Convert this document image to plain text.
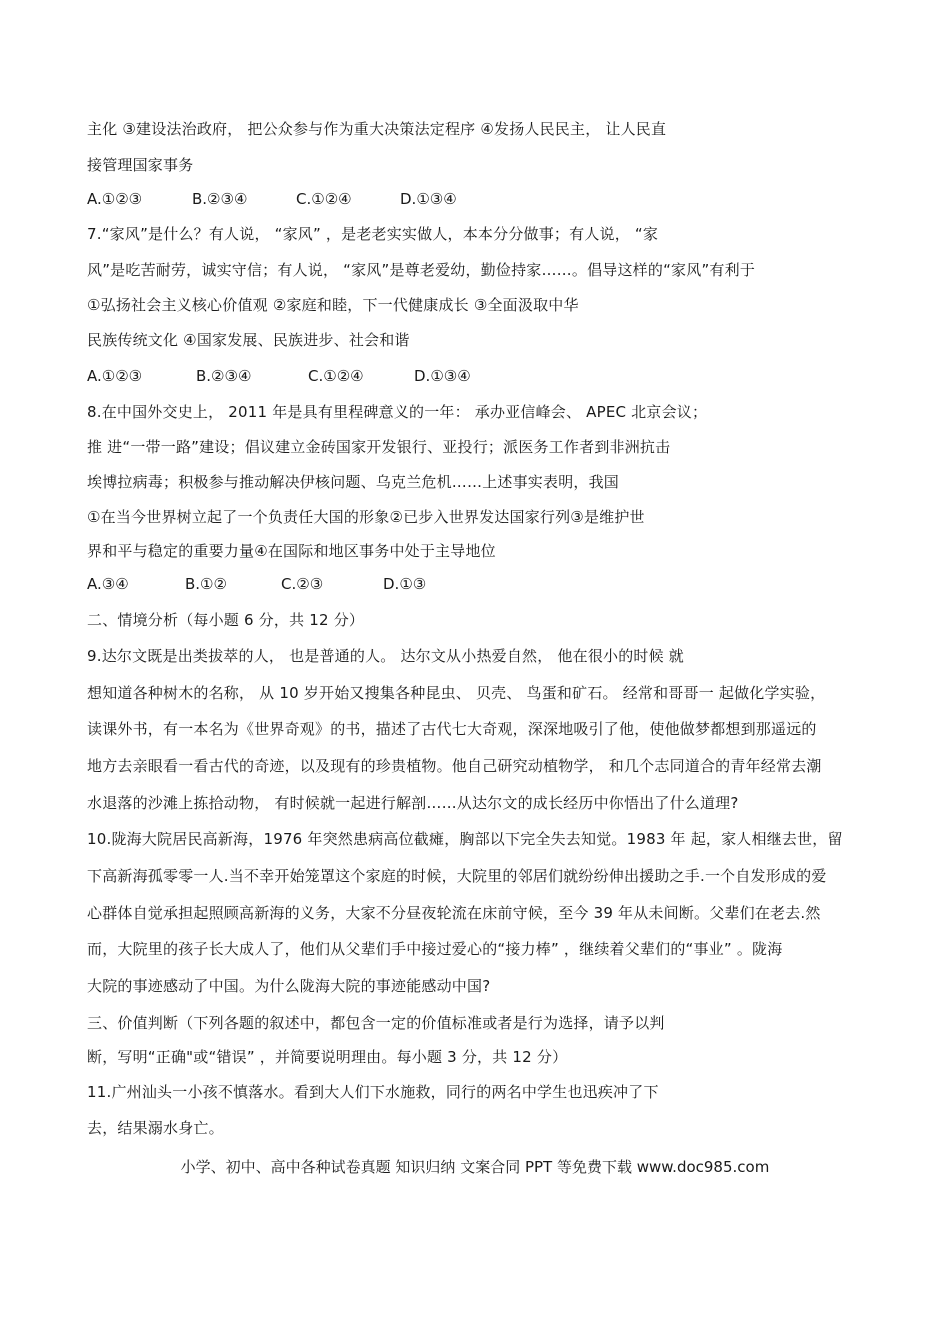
主化 ③建设法治政府， 把公众参与作为重大决策法定程序 ④发扬人民民主， 让人民直
接管理国家事务
A.①②③	B.②③④	C.①②④	D.①③④
7.“家风”是什么？有人说， “家风” ，是老老实实做人，本本分分做事；有人说， “家
风”是吃苦耐劳，诚实守信；有人说， “家风”是尊老爱幼，勤俭持家……。倡导这样的“家风”有利于
①弘扬社会主义核心价值观 ②家庭和睦，下一代健康成长 ③全面汲取中华
民族传统文化 ④国家发展、民族进步、社会和谐
A.①②③	B.②③④	C.①②④	D.①③④
8.在中国外交史上， 2011 年是具有里程碑意义的一年： 承办亚信峰会、 APEC 北京会议；
推 进“一带一路”建设；倡议建立金砖国家开发银行、亚投行；派医务工作者到非洲抗击
埃博拉病毒；积极参与推动解决伊核问题、乌克兰危机……上述事实表明，我国
①在当今世界树立起了一个负责任大国的形象②已步入世界发达国家行列③是维护世
界和平与稳定的重要力量④在国际和地区事务中处于主导地位
A.③④	B.①②	C.②③	D.①③
二、情境分析（每小题 6 分，共 12 分）
9.达尔文既是出类拔萃的人， 也是普通的人。 达尔文从小热爱自然， 他在很小的时候 就
想知道各种树木的名称， 从 10 岁开始又搜集各种昆虫、 贝壳、 鸟蛋和矿石。 经常和哥哥一 起做化学实验，
读课外书，有一本名为《世界奇观》的书，描述了古代七大奇观，深深地吸引了他，使他做梦都想到那遥远的
地方去亲眼看一看古代的奇迹，以及现有的珍贵植物。他自己研究动植物学， 和几个志同道合的青年经常去潮
水退落的沙滩上拣拾动物， 有时候就一起进行解剖……从达尔文的成长经历中你悟出了什么道理?
10.陇海大院居民高新海，1976 年突然患病高位截瘫，胸部以下完全失去知觉。1983 年 起，家人相继去世，留
下高新海孤零零一人.当不幸开始笼罩这个家庭的时候，大院里的邻居们就纷纷伸出援助之手.一个自发形成的爱
心群体自觉承担起照顾高新海的义务，大家不分昼夜轮流在床前守候，至今 39 年从未间断。父辈们在老去.然
而，大院里的孩子长大成人了，他们从父辈们手中接过爱心的“接力棒” ，继续着父辈们的“事业” 。陇海
大院的事迹感动了中国。为什么陇海大院的事迹能感动中国?
三、价值判断（下列各题的叙述中，都包含一定的价值标准或者是行为选择，请予以判
断，写明“正确"或“错误” ，并简要说明理由。每小题 3 分，共 12 分）
11.广州汕头一小孩不慎落水。看到大人们下水施救，同行的两名中学生也迅疾冲了下
去，结果溺水身亡。
小学、初中、高中各种试卷真题 知识归纳 文案合同 PPT 等免费下载 www.doc985.com
